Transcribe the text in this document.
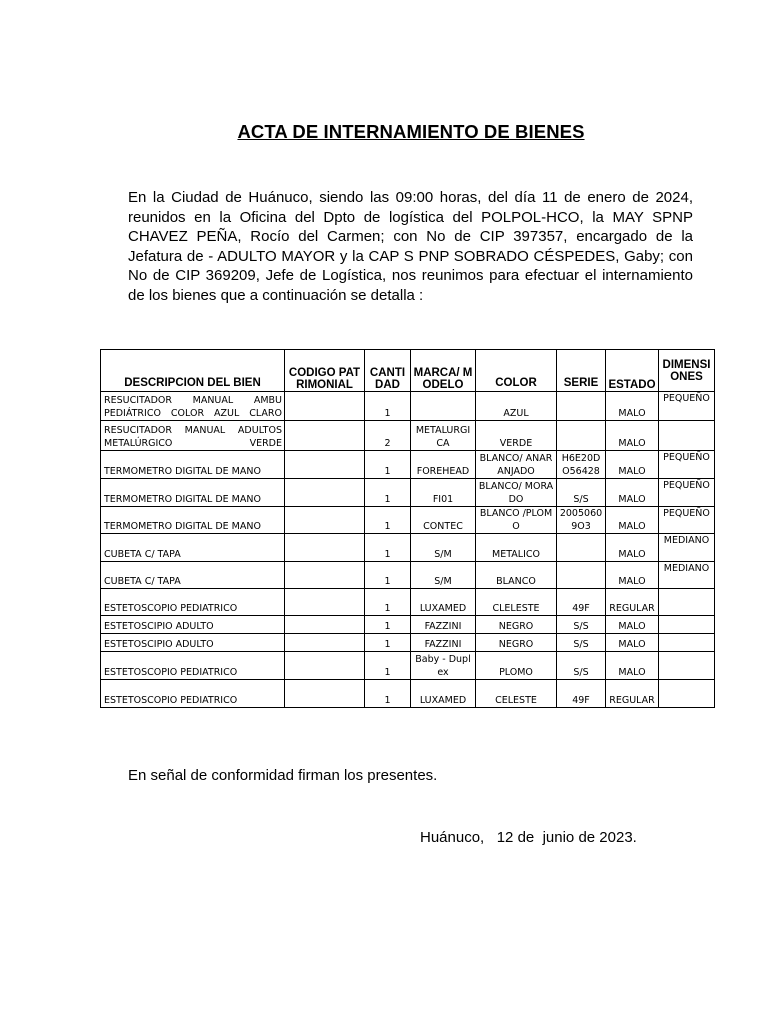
ACTA DE INTERNAMIENTO DE BIENES

En la Ciudad de Huánuco, siendo las 09:00 horas, del día 11 de enero de 2024, reunidos en la Oficina del Dpto de logística del POLPOL-HCO, la MAY SPNP CHAVEZ PEÑA, Rocío del Carmen; con No de CIP 397357, encargado de la Jefatura de - ADULTO MAYOR y la CAP S PNP SOBRADO CÉSPEDES, Gaby; con No de CIP 369209, Jefe de Logística, nos reunimos para efectuar el internamiento de los bienes que a continuación se detalla :

DESCRIPCION DEL BIEN	CODIGO PATRIMONIAL	CANTIDAD	MARCA/ MODELO	COLOR	SERIE	ESTADO	DIMENSIONES
RESUCITADOR MANUAL AMBU PEDIÁTRICO COLOR AZUL CLARO		1		AZUL		MALO	PEQUEÑO
RESUCITADOR MANUAL ADULTOS METALÚRGICO VERDE		2	METALURGICA	VERDE		MALO	
TERMOMETRO DIGITAL DE MANO		1	FOREHEAD	BLANCO/ ANARANJADO	H6E20DO56428	MALO	PEQUEÑO
TERMOMETRO DIGITAL DE MANO		1	FI01	BLANCO/ MORADO	S/S	MALO	PEQUEÑO
TERMOMETRO DIGITAL DE MANO		1	CONTEC	BLANCO /PLOMO	20050609O3	MALO	PEQUEÑO
CUBETA C/ TAPA		1	S/M	METALICO		MALO	MEDIANO
CUBETA C/ TAPA		1	S/M	BLANCO		MALO	MEDIANO
ESTETOSCOPIO PEDIATRICO		1	LUXAMED	CLELESTE	49F	REGULAR	
ESTETOSCIPIO ADULTO		1	FAZZINI	NEGRO	S/S	MALO	
ESTETOSCIPIO ADULTO		1	FAZZINI	NEGRO	S/S	MALO	
ESTETOSCOPIO PEDIATRICO		1	Baby - Duplex	PLOMO	S/S	MALO	
ESTETOSCOPIO PEDIATRICO		1	LUXAMED	CELESTE	49F	REGULAR	
En señal de conformidad firman los presentes.
Huánuco,   12 de  junio de 2023.
